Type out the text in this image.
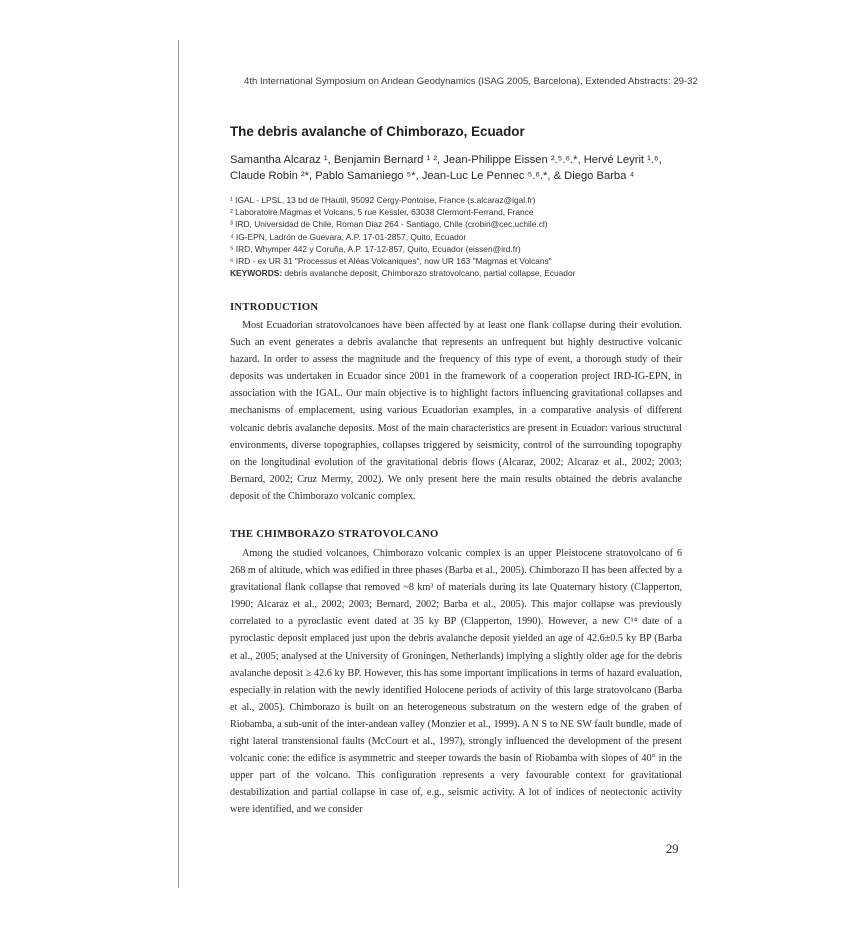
4th International Symposium on Andean Geodynamics (ISAG 2005, Barcelona), Extended Abstracts: 29-32
The debris avalanche of Chimborazo, Ecuador
Samantha Alcaraz ¹, Benjamin Bernard ¹ ², Jean-Philippe Eissen ².⁵.⁶.*, Hervé Leyrit ¹.⁶,
Claude Robin ²*, Pablo Samaniego ⁵*, Jean-Luc Le Pennec ⁵.⁶.*, & Diego Barba ⁴
¹ IGAL - LPSL, 13 bd de l'Hautil, 95092 Cergy-Pontoise, France (s.alcaraz@igal.fr)
² Laboratoire Magmas et Volcans, 5 rue Kessler, 63038 Clermont-Ferrand, France
³ IRD, Universidad de Chile, Roman Diaz 264 - Santiago, Chile (crobin@cec.uchile.cl)
⁴ IG-EPN, Ladrón de Guevara, A.P. 17-01-2857, Quito, Ecuador
⁵ IRD, Whymper 442 y Coruña, A.P. 17-12-857, Quito, Ecuador (eissen@ird.fr)
⁶ IRD - ex UR 31 "Processus et Aléas Volcaniques", now UR 163 "Magmas et Volcans"
KEYWORDS: debris avalanche deposit, Chimborazo stratovolcano, partial collapse, Ecuador
INTRODUCTION
Most Ecuadorian stratovolcanoes have been affected by at least one flank collapse during their evolution. Such an event generates a debris avalanche that represents an unfrequent but highly destructive volcanic hazard. In order to assess the magnitude and the frequency of this type of event, a thorough study of their deposits was undertaken in Ecuador since 2001 in the framework of a cooperation project IRD-IG-EPN, in association with the IGAL. Our main objective is to highlight factors influencing gravitational collapses and mechanisms of emplacement, using various Ecuadorian examples, in a comparative analysis of different volcanic debris avalanche deposits. Most of the main characteristics are present in Ecuador: various structural environments, diverse topographies, collapses triggered by seismicity, control of the surrounding topography on the longitudinal evolution of the gravitational debris flows (Alcaraz, 2002; Alcaraz et al., 2002; 2003; Bernard, 2002; Cruz Mermy, 2002). We only present here the main results obtained the debris avalanche deposit of the Chimborazo volcanic complex.
THE CHIMBORAZO STRATOVOLCANO
Among the studied volcanoes, Chimborazo volcanic complex is an upper Pleistocene stratovolcano of 6 268 m of altitude, which was edified in three phases (Barba et al., 2005). Chimborazo II has been affected by a gravitational flank collapse that removed ~8 km³ of materials during its late Quaternary history (Clapperton, 1990; Alcaraz et al., 2002; 2003; Bernard, 2002; Barba et al., 2005). This major collapse was previously correlated to a pyroclastic event dated at 35 ky BP (Clapperton, 1990). However, a new C¹⁴ date of a pyroclastic deposit emplaced just upon the debris avalanche deposit yielded an age of 42.6±0.5 ky BP (Barba et al., 2005; analysed at the University of Groningen, Netherlands) implying a slightly older age for the debris avalanche deposit ≥ 42.6 ky BP. However, this has some important implications in terms of hazard evaluation, especially in relation with the newly identified Holocene periods of activity of this large stratovolcano (Barba et al., 2005). Chimborazo is built on an heterogeneous substratum on the western edge of the graben of Riobamba, a sub-unit of the inter-andean valley (Monzier et al., 1999). A N S to NE SW fault bundle, made of right lateral transtensional faults (McCourt et al., 1997), strongly influenced the development of the present volcanic cone: the edifice is asymmetric and steeper towards the basin of Riobamba with slopes of 40° in the upper part of the volcano. This configuration represents a very favourable context for gravitational destabilization and partial collapse in case of, e.g., seismic activity. A lot of indices of neotectonic activity were identified, and we consider
29
